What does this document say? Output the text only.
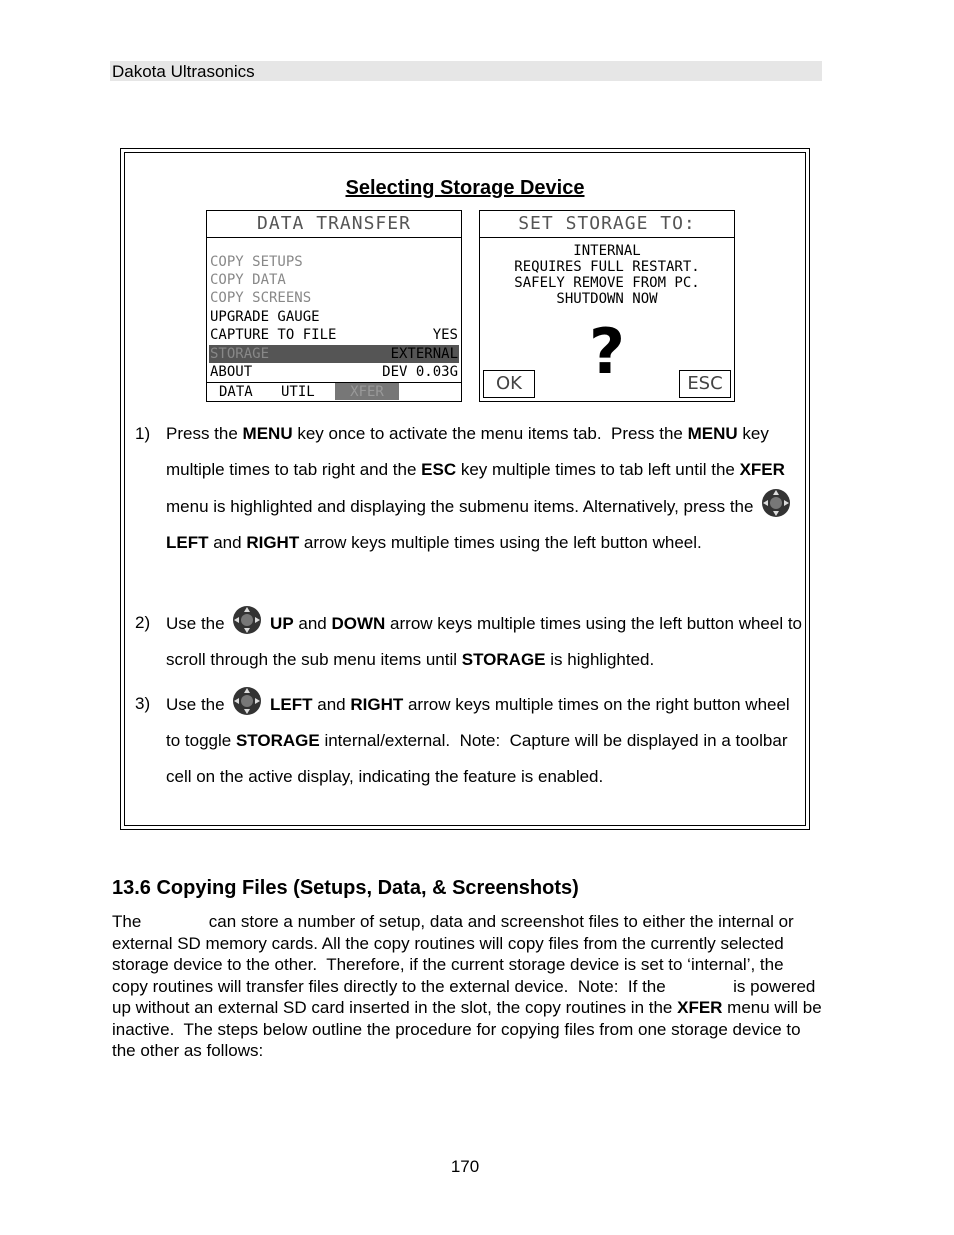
Dakota Ultrasonics
Selecting Storage Device
DATA TRANSFER
COPY SETUPS
COPY DATA
COPY SCREENS
UPGRADE GAUGE
CAPTURE TO FILE	YES
STORAGE	EXTERNAL
ABOUT	DEV 0.03G
DATA UTIL	XFER
SET STORAGE TO:
INTERNAL
REQUIRES FULL RESTART.
SAFELY REMOVE FROM PC.
SHUTDOWN NOW
?
OK	ESC
1) Press the MENU key once to activate the menu items tab.  Press the MENU key multiple times to tab right and the ESC key multiple times to tab left until the XFER menu is highlighted and displaying the submenu items. Alternatively, press the  LEFT and RIGHT arrow keys multiple times using the left button wheel.
2) Use the  UP and DOWN arrow keys multiple times using the left button wheel to scroll through the sub menu items until STORAGE is highlighted.
3) Use the  LEFT and RIGHT arrow keys multiple times on the right button wheel to toggle STORAGE internal/external.  Note:  Capture will be displayed in a toolbar cell on the active display, indicating the feature is enabled.
13.6 Copying Files (Setups, Data, & Screenshots)
The	can store a number of setup, data and screenshot files to either the internal or external SD memory cards. All the copy routines will copy files from the currently selected storage device to the other.  Therefore, if the current storage device is set to ‘internal’, the copy routines will transfer files directly to the external device.  Note:  If the	is powered up without an external SD card inserted in the slot, the copy routines in the XFER menu will be inactive.  The steps below outline the procedure for copying files from one storage device to the other as follows:
170
